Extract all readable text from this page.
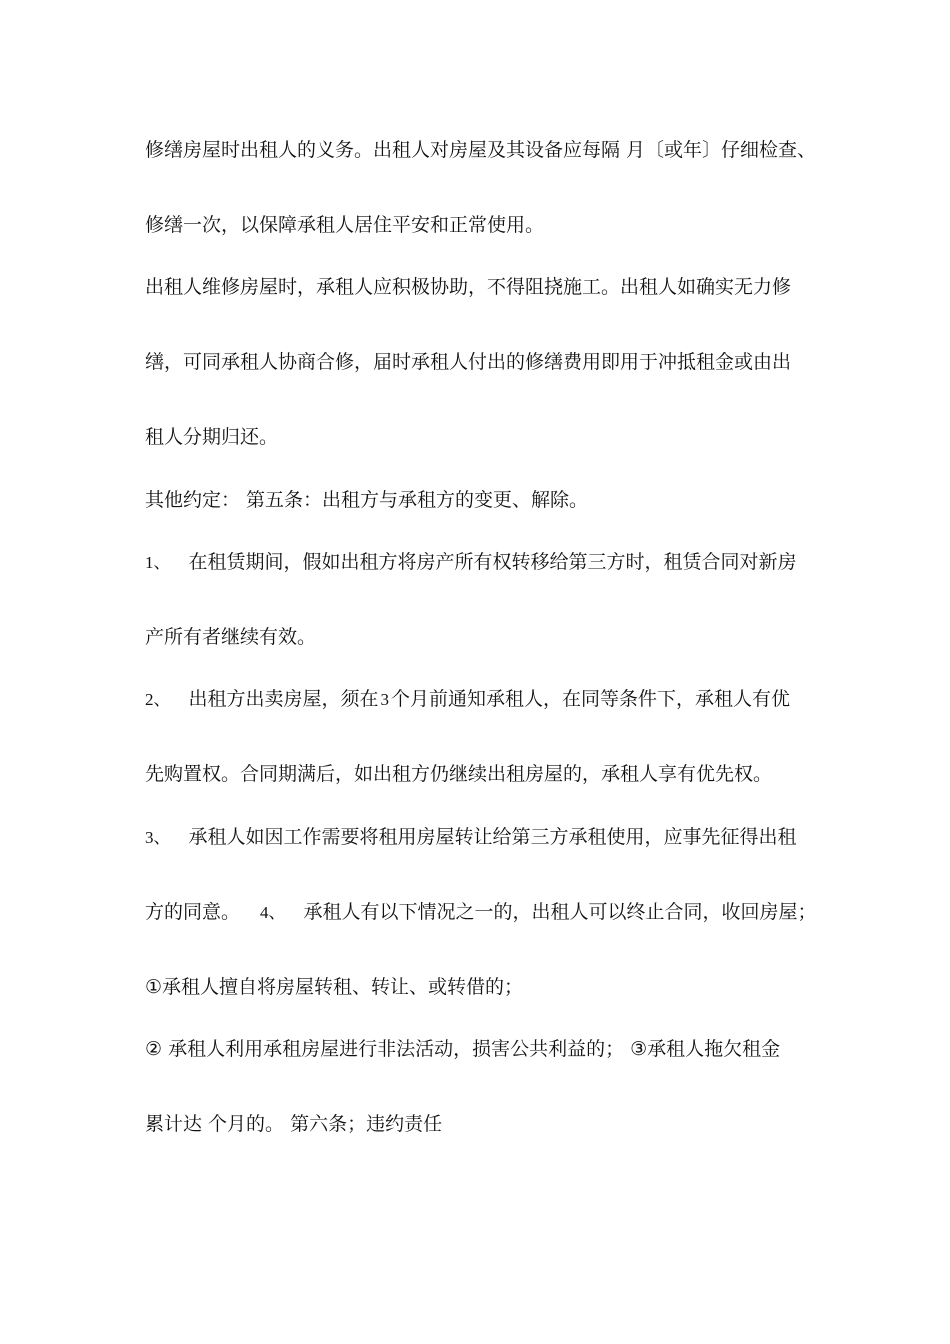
修缮房屋时出租人的义务。出租人对房屋及其设备应每隔 月〔或年〕仔细检查、

修缮一次，以保障承租人居住平安和正常使用。

出租人维修房屋时，承租人应积极协助，不得阻挠施工。出租人如确实无力修

缮，可同承租人协商合修，届时承租人付出的修缮费用即用于冲抵租金或由出

租人分期归还。

其他约定： 第五条：出租方与承租方的变更、解除。

1、 在租赁期间，假如出租方将房产所有权转移给第三方时，租赁合同对新房

产所有者继续有效。

2、 出租方出卖房屋，须在 3 个月前通知承租人，在同等条件下，承租人有优

先购置权。合同期满后，如出租方仍继续出租房屋的，承租人享有优先权。

3、 承租人如因工作需要将租用房屋转让给第三方承租使用，应事先征得出租

方的同意。 4、 承租人有以下情况之一的，出租人可以终止合同，收回房屋；

①承租人擅自将房屋转租、转让、或转借的；

② 承租人利用承租房屋进行非法活动，损害公共利益的； ③承租人拖欠租金

累计达 个月的。 第六条；违约责任
